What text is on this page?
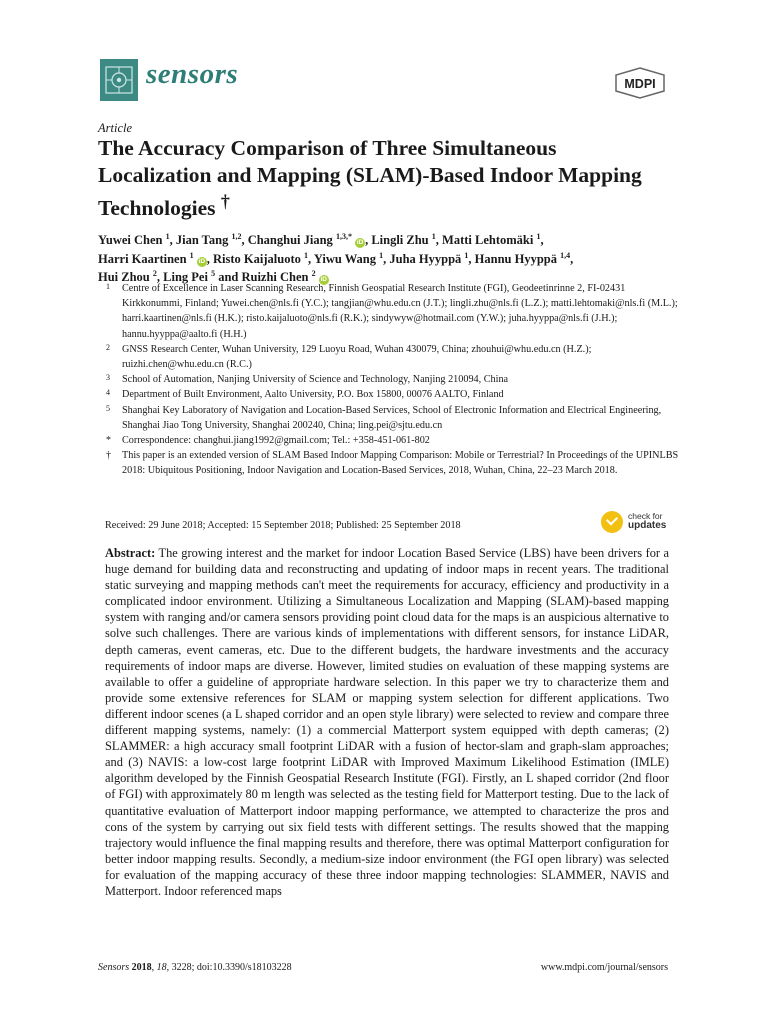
sensors	MDPI
Article
The Accuracy Comparison of Three Simultaneous Localization and Mapping (SLAM)-Based Indoor Mapping Technologies †
Yuwei Chen $^1$, Jian Tang $^{1,2}$, Changhui Jiang $^{1,3,*}$ iD , Lingli Zhu $^1$, Matti Lehtomäki $^1$,
Harri Kaartinen $^1$ iD , Risto Kaijaluoto $^1$, Yiwu Wang $^1$, Juha Hyyppä $^1$, Hannu Hyyppä $^{1,4}$,
Hui Zhou $^2$, Ling Pei $^5$ and Ruizhi Chen $^2$ iD
1 Centre of Excellence in Laser Scanning Research, Finnish Geospatial Research Institute (FGI), Geodeetinrinne 2, FI-02431 Kirkkonummi, Finland; Yuwei.chen@nls.fi (Y.C.); tangjian@whu.edu.cn (J.T.); lingli.zhu@nls.fi (L.Z.); matti.lehtomaki@nls.fi (M.L.); harri.kaartinen@nls.fi (H.K.); risto.kaijaluoto@nls.fi (R.K.); sindywyw@hotmail.com (Y.W.); juha.hyyppa@nls.fi (J.H.); hannu.hyyppa@aalto.fi (H.H.)
2 GNSS Research Center, Wuhan University, 129 Luoyu Road, Wuhan 430079, China; zhouhui@whu.edu.cn (H.Z.); ruizhi.chen@whu.edu.cn (R.C.)
3 School of Automation, Nanjing University of Science and Technology, Nanjing 210094, China
4 Department of Built Environment, Aalto University, P.O. Box 15800, 00076 AALTO, Finland
5 Shanghai Key Laboratory of Navigation and Location-Based Services, School of Electronic Information and Electrical Engineering, Shanghai Jiao Tong University, Shanghai 200240, China; ling.pei@sjtu.edu.cn
* Correspondence: changhui.jiang1992@gmail.com; Tel.: +358-451-061-802
† This paper is an extended version of SLAM Based Indoor Mapping Comparison: Mobile or Terrestrial? In Proceedings of the UPINLBS 2018: Ubiquitous Positioning, Indoor Navigation and Location-Based Services, 2018, Wuhan, China, 22–23 March 2018.
Received: 29 June 2018; Accepted: 15 September 2018; Published: 25 September 2018
check for
updates
Abstract: The growing interest and the market for indoor Location Based Service (LBS) have been drivers for a huge demand for building data and reconstructing and updating of indoor maps in recent years. The traditional static surveying and mapping methods can't meet the requirements for accuracy, efficiency and productivity in a complicated indoor environment. Utilizing a Simultaneous Localization and Mapping (SLAM)-based mapping system with ranging and/or camera sensors providing point cloud data for the maps is an auspicious alternative to solve such challenges. There are various kinds of implementations with different sensors, for instance LiDAR, depth cameras, event cameras, etc. Due to the different budgets, the hardware investments and the accuracy requirements of indoor maps are diverse. However, limited studies on evaluation of these mapping systems are available to offer a guideline of appropriate hardware selection. In this paper we try to characterize them and provide some extensive references for SLAM or mapping system selection for different applications. Two different indoor scenes (a L shaped corridor and an open style library) were selected to review and compare three different mapping systems, namely: (1) a commercial Matterport system equipped with depth cameras; (2) SLAMMER: a high accuracy small footprint LiDAR with a fusion of hector-slam and graph-slam approaches; and (3) NAVIS: a low-cost large footprint LiDAR with Improved Maximum Likelihood Estimation (IMLE) algorithm developed by the Finnish Geospatial Research Institute (FGI). Firstly, an L shaped corridor (2nd floor of FGI) with approximately 80 m length was selected as the testing field for Matterport testing. Due to the lack of quantitative evaluation of Matterport indoor mapping performance, we attempted to characterize the pros and cons of the system by carrying out six field tests with different settings. The results showed that the mapping trajectory would influence the final mapping results and therefore, there was optimal Matterport configuration for better indoor mapping results. Secondly, a medium-size indoor environment (the FGI open library) was selected for evaluation of the mapping accuracy of these three indoor mapping technologies: SLAMMER, NAVIS and Matterport. Indoor referenced maps
Sensors 2018, 18, 3228; doi:10.3390/s18103228	www.mdpi.com/journal/sensors
